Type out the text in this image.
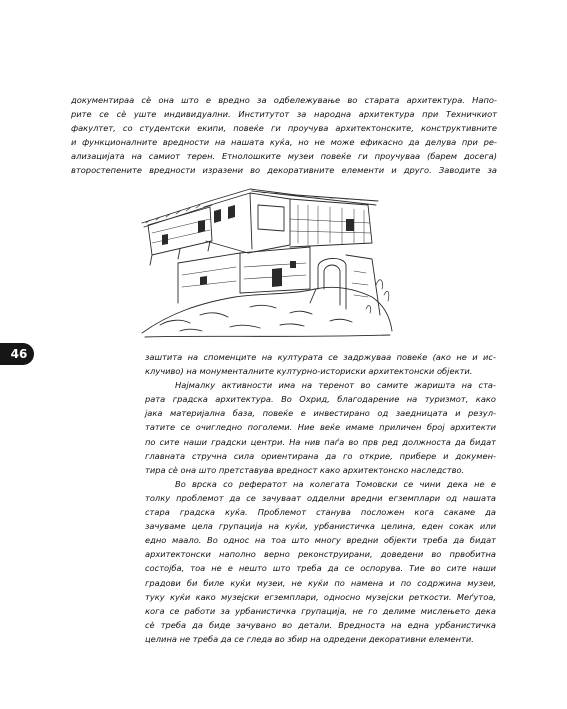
документираа сè она што е вредно за одбележување во старата архитектура. Напо-
рите се сè уште индивидуални. Институтот за народна архитектура при Техничкиот
факултет, со студентски екипи, повеќе ги проучува архитектонските, конструктивните
и функционалните вредности на нашата куќа, но не може ефикасно да делува при ре-
ализацијата на самиот терен. Етнолошките музеи повеќе ги проучуваа (барем досега)
второстепените вредности изразени во декоративните елементи и друго. Заводите за
46	заштита на споменците на културата се задржуваа повеќе (ако не и ис-
клучиво) на монументалните културно-историски архитектонски објекти.
Најмалку активности има на теренот во самите жаришта на ста-
рата градска архитектура. Во Охрид, благодарение на туризмот, како
јака материјална база, повеќе е инвестирано од заедницата и резул-
татите се очигледно поголеми. Ние веќе имаме приличен број архитекти
по сите наши градски центри. На нив паѓа во прв ред должноста да бидат
главната стручна сила ориентирана да го открие, прибере и докумен-
тира сè она што претставува вредност како архитектонско наследство.
Во врска со рефератот на колегата Томовски се чини дека не е
толку проблемот да се зачуваат одделни вредни егземплари од нашата
стара градска куќа. Проблемот станува посложен кога сакаме да
зачуваме цела групација на куќи, урбанистичка целина, еден сокак или
едно маало. Во однос на тоа што многу вредни објекти треба да бидат
архитектонски наполно верно реконструирани, доведени во првобитна
состојба, тоа не е нешто што треба да се оспорува. Тие во сите наши
градови би биле куќи музеи, не куќи по намена и по содржина музеи,
туку куќи како музејски егземплари, односно музејски реткости. Меѓутоа,
кога се работи за урбанистичка групација, не го делиме мислењето дека
сè треба да биде зачувано во детали. Вредноста на една урбанистичка
целина не треба да се гледа во збир на одредени декоративни елементи.
